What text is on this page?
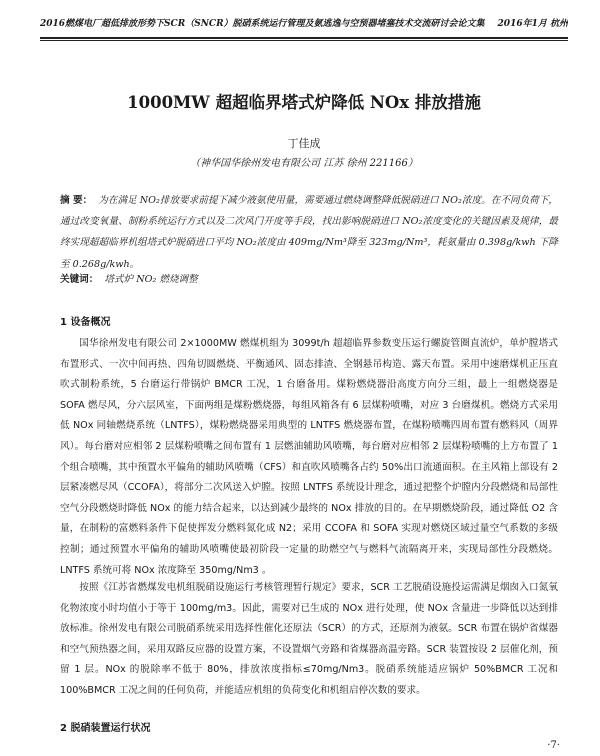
2016燃煤电厂超低排放形势下SCR（SNCR）脱硝系统运行管理及氨逃逸与空预器堵塞技术交流研讨会论文集 2016年1月 杭州
1000MW 超超临界塔式炉降低 NOx 排放措施
丁佳成
（神华国华徐州发电有限公司 江苏 徐州 221166）
摘 要： 为在满足 NO₂排放要求前提下减少液氨使用量，需要通过燃烧调整降低脱硝进口 NO₂浓度。在不同负荷下，通过改变氧量、制粉系统运行方式以及二次风门开度等手段，找出影响脱硝进口 NO₂浓度变化的关键因素及规律，最终实现超超临界机组塔式炉脱硝进口平均 NO₂浓度由 409mg/Nm³降至 323mg/Nm³，耗氨量由 0.398g/kwh 下降至 0.268g/kwh。
关键词： 塔式炉 NO₂ 燃烧调整
1 设备概况
国华徐州发电有限公司 2×1000MW 燃煤机组为 3099t/h 超超临界参数变压运行螺旋管圈直流炉，单炉膛塔式布置形式、一次中间再热、四角切圆燃烧、平衡通风、固态排渣、全钢悬吊构造、露天布置。采用中速磨煤机正压直吹式制粉系统，5 台磨运行带锅炉 BMCR 工况，1 台磨备用。煤粉燃烧器沿高度方向分三组，最上一组燃烧器是 SOFA 燃尽风，分六层风室，下面两组是煤粉燃烧器，每组风箱各有 6 层煤粉喷嘴，对应 3 台磨煤机。燃烧方式采用低 NOx 同轴燃烧系统（LNTFS），煤粉燃烧器采用典型的 LNTFS 燃烧器布置，在煤粉喷嘴四周布置有燃料风（周界风）。每台磨对应相邻 2 层煤粉喷嘴之间布置有 1 层燃油辅助风喷嘴，每台磨对应相邻 2 层煤粉喷嘴的上方布置了 1 个组合喷嘴，其中预置水平偏角的辅助风喷嘴（CFS）和直吹风喷嘴各占约 50%出口流通面积。在主风箱上部设有 2 层紧凑燃尽风（CCOFA），将部分二次风送入炉膛。按照 LNTFS 系统设计理念，通过把整个炉膛内分段燃烧和局部性空气分段燃烧时降低 NOx 的能力结合起来，以达到减少最终的 NOx 排放的目的。在早期燃烧阶段，通过降低 O2 含量，在制粉的富燃料条件下促使挥发分燃料氮化成 N2；采用 CCOFA 和 SOFA 实现对燃烧区域过量空气系数的多级控制；通过预置水平偏角的辅助风喷嘴使最初阶段一定量的助燃空气与燃料气流隔离开来，实现局部性分段燃烧。LNTFS 系统可将 NOx 浓度降至 350mg/Nm3 。
按照《江苏省燃煤发电机组脱硝设施运行考核管理暂行规定》要求，SCR 工艺脱硝设施投运需满足烟囱入口氮氧化物浓度小时均值小于等于 100mg/m3。因此，需要对已生成的 NOx 进行处理，使 NOx 含量进一步降低以达到排放标准。徐州发电有限公司脱硝系统采用选择性催化还原法（SCR）的方式，还原剂为液氨。SCR 布置在锅炉省煤器和空气预热器之间，采用双路反应器的设置方案，不设置烟气旁路和省煤器高温旁路。SCR 装置按设 2 层催化剂，预留 1 层。NOx 的脱除率不低于 80%，排放浓度指标≤70mg/Nm3。脱硝系统能适应锅炉 50%BMCR 工况和 100%BMCR 工况之间的任何负荷，并能适应机组的负荷变化和机组启停次数的要求。
2 脱硝装置运行状况
·7·
